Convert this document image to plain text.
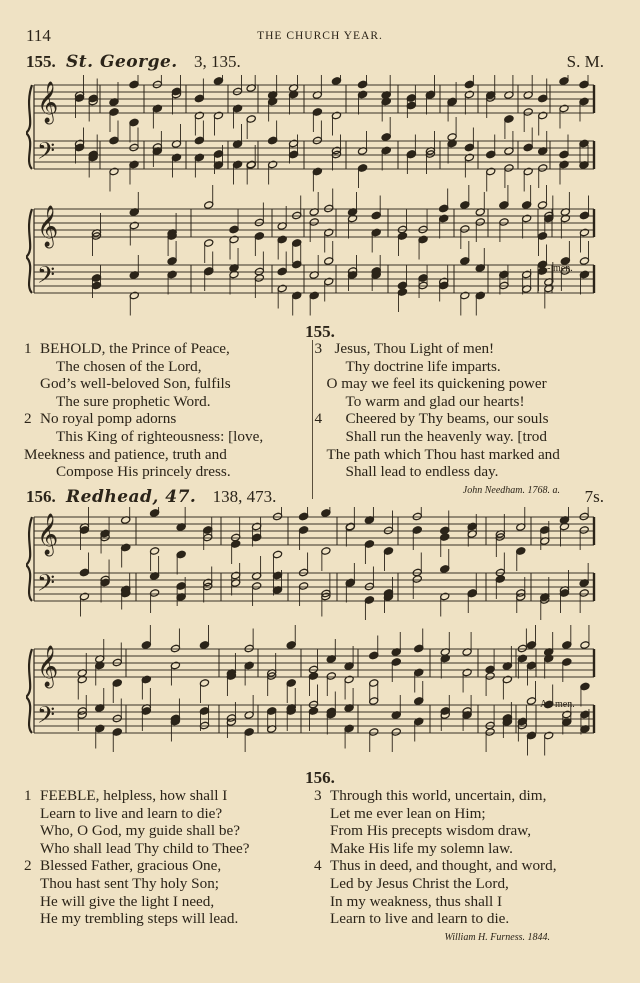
114	THE CHURCH YEAR.
155. St. George. 3, 135.	S. M.
𝄞
𝄢
𝄞
𝄢	A - men.
155.
1 BEHOLD, the Prince of Peace,
The chosen of the Lord,
God’s well-beloved Son, fulfils
The sure prophetic Word.
2 No royal pomp adorns
This King of righteousness: [love,
Meekness and patience, truth and
Compose His princely dress.
3 Jesus, Thou Light of men!
Thy doctrine life imparts.
O may we feel its quickening power
To warm and glad our hearts!
4	Cheered by Thy beams, our souls
Shall run the heavenly way. [trod
The path which Thou hast marked and
Shall lead to endless day.
John Needham. 1768. a.
156. Redhead, 47. 138, 473.	7s.
𝄞
𝄢
𝄞
𝄢	A - men.
156.
1 FEEBLE, helpless, how shall I
Learn to live and learn to die?
Who, O God, my guide shall be?
Who shall lead Thy child to Thee?
2 Blessed Father, gracious One,
Thou hast sent Thy holy Son;
He will give the light I need,
He my trembling steps will lead.
3 Through this world, uncertain, dim,
Let me ever lean on Him;
From His precepts wisdom draw,
Make His life my solemn law.
4 Thus in deed, and thought, and word,
Led by Jesus Christ the Lord,
In my weakness, thus shall I
Learn to live and learn to die.
William H. Furness. 1844.
